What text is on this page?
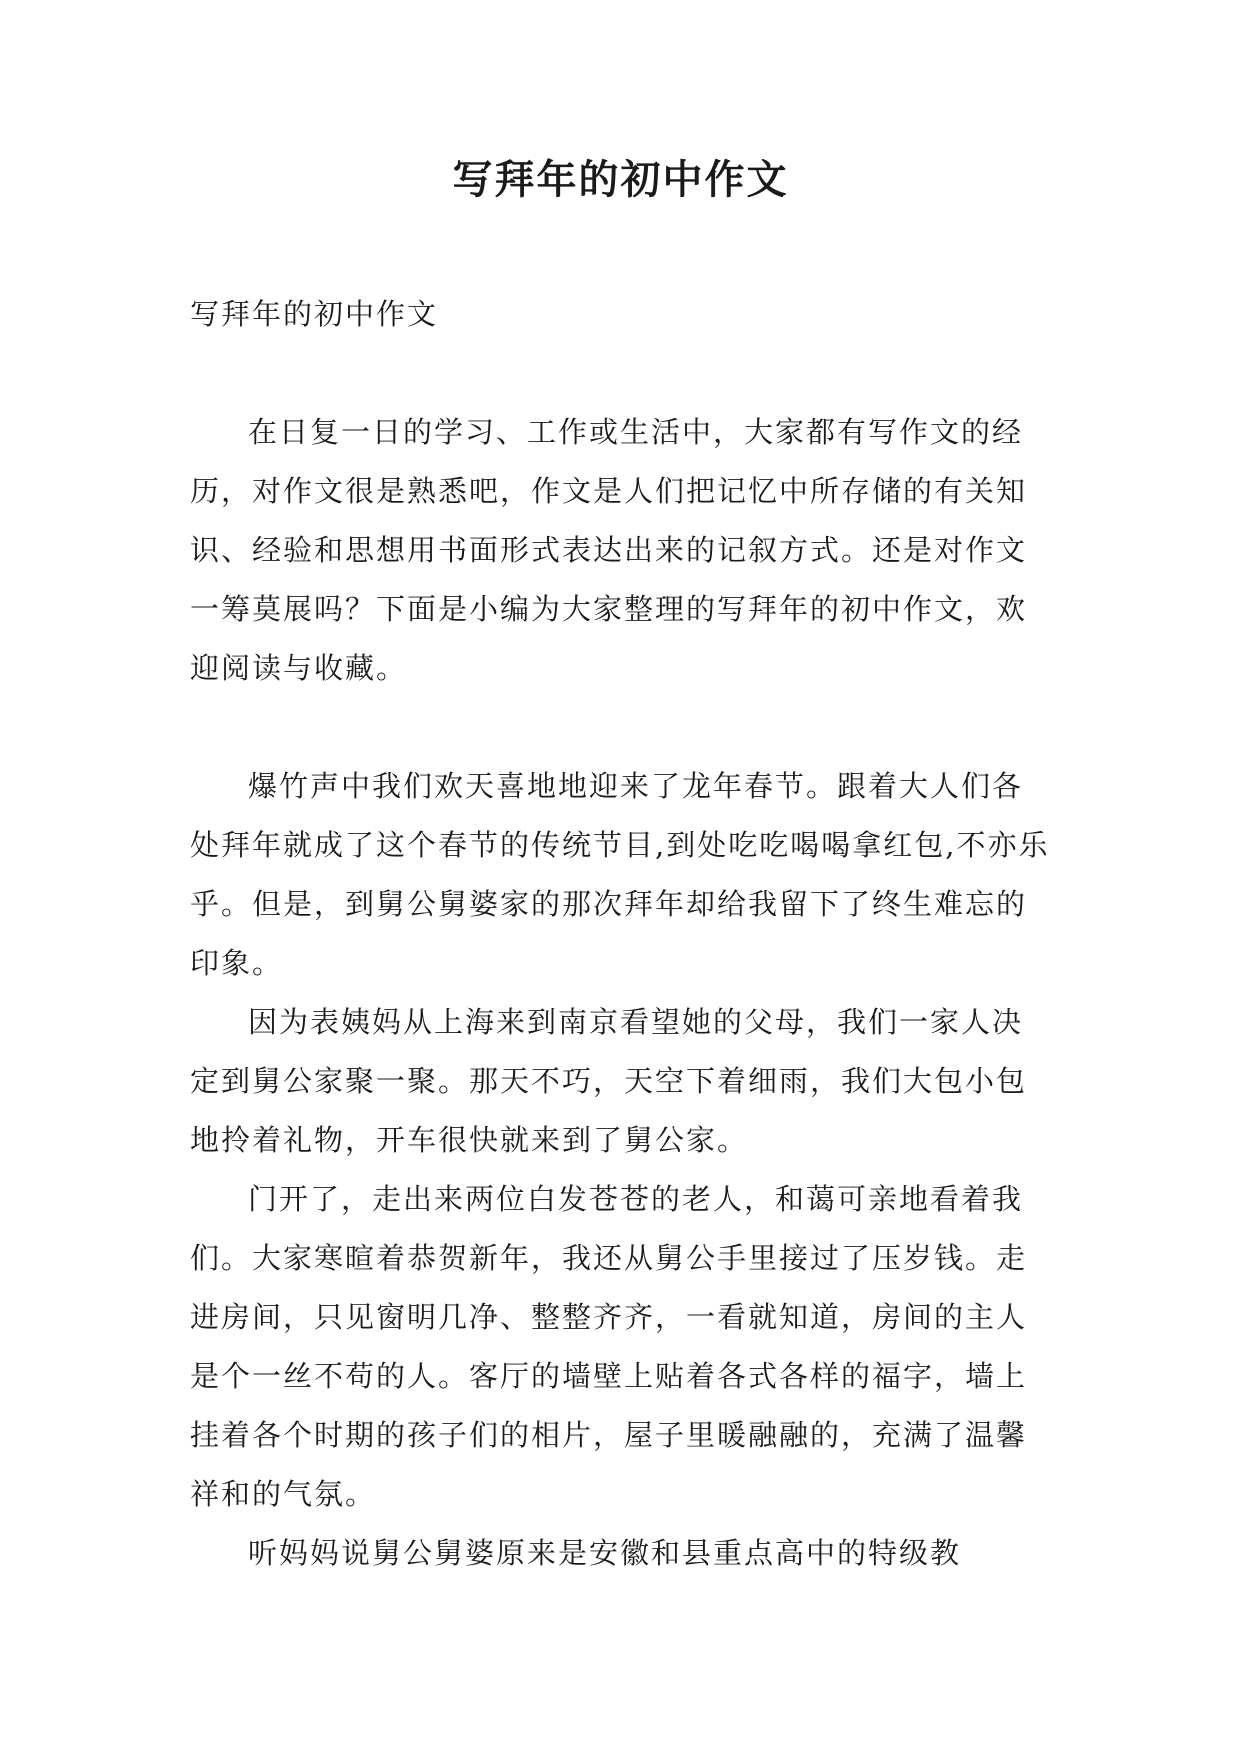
写拜年的初中作文

写拜年的初中作文

在日复一日的学习、工作或生活中，大家都有写作文的经历，对作文很是熟悉吧，作文是人们把记忆中所存储的有关知识、经验和思想用书面形式表达出来的记叙方式。还是对作文一筹莫展吗？下面是小编为大家整理的写拜年的初中作文，欢迎阅读与收藏。

爆竹声中我们欢天喜地地迎来了龙年春节。跟着大人们各处拜年就成了这个春节的传统节目,到处吃吃喝喝拿红包,不亦乐乎。但是，到舅公舅婆家的那次拜年却给我留下了终生难忘的印象。

因为表姨妈从上海来到南京看望她的父母，我们一家人决定到舅公家聚一聚。那天不巧，天空下着细雨，我们大包小包地拎着礼物，开车很快就来到了舅公家。

门开了，走出来两位白发苍苍的老人，和蔼可亲地看着我们。大家寒暄着恭贺新年，我还从舅公手里接过了压岁钱。走进房间，只见窗明几净、整整齐齐，一看就知道，房间的主人是个一丝不苟的人。客厅的墙壁上贴着各式各样的福字，墙上挂着各个时期的孩子们的相片，屋子里暖融融的，充满了温馨祥和的气氛。

听妈妈说舅公舅婆原来是安徽和县重点高中的特级教
